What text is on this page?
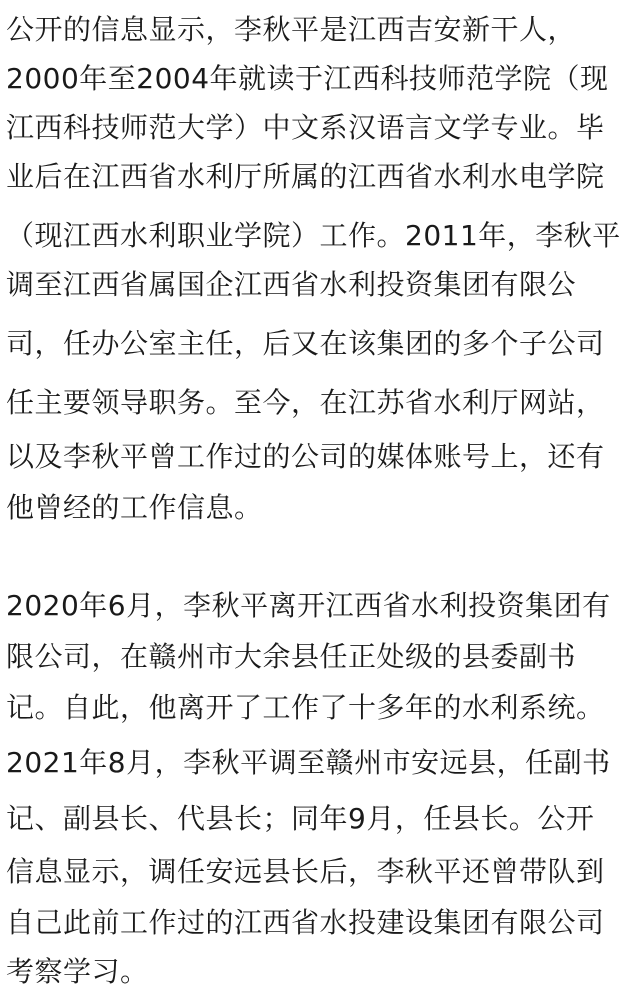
公开的信息显示，李秋平是江西吉安新干人，
2000年至2004年就读于江西科技师范学院（现
江西科技师范大学）中文系汉语言文学专业。毕
业后在江西省水利厅所属的江西省水利水电学院
（现江西水利职业学院）工作。2011年，李秋平
调至江西省属国企江西省水利投资集团有限公
司，任办公室主任，后又在该集团的多个子公司
任主要领导职务。至今，在江苏省水利厅网站，
以及李秋平曾工作过的公司的媒体账号上，还有
他曾经的工作信息。
2020年6月，李秋平离开江西省水利投资集团有
限公司，在赣州市大余县任正处级的县委副书
记。自此，他离开了工作了十多年的水利系统。
2021年8月，李秋平调至赣州市安远县，任副书
记、副县长、代县长；同年9月，任县长。公开
信息显示，调任安远县长后，李秋平还曾带队到
自己此前工作过的江西省水投建设集团有限公司
考察学习。
